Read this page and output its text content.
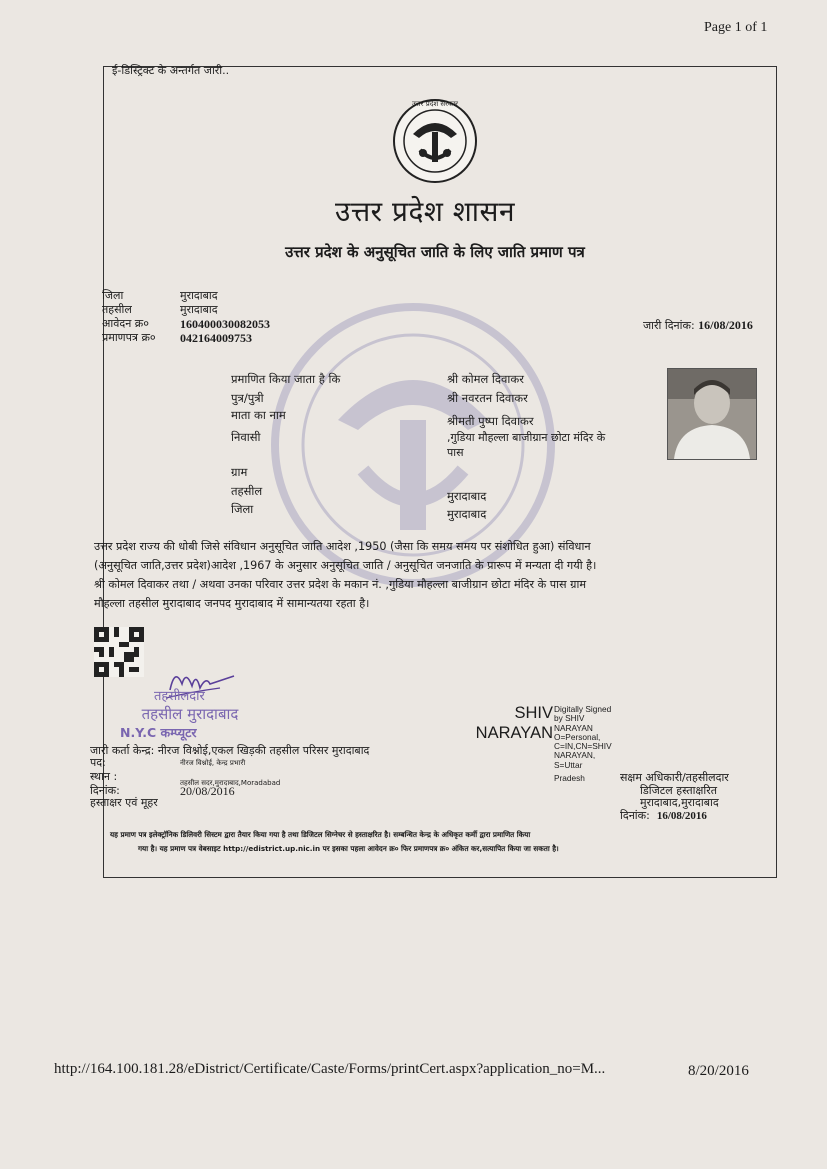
Page 1 of 1
ई-डिस्ट्रिक्ट के अन्तर्गत जारी..
उत्तर प्रदेश सरकार
उत्तर प्रदेश शासन
उत्तर प्रदेश के अनुसूचित जाति के लिए जाति प्रमाण पत्र
जिला	मुरादाबाद
तहसील	मुरादाबाद
आवेदन क्र०	160400030082053
प्रमाणपत्र क्र०	042164009753
जारी दिनांक: 16/08/2016
प्रमाणित किया जाता है कि	श्री कोमल दिवाकर
पुत्र/पुत्री	श्री नवरतन दिवाकर
माता का नाम	श्रीमती पुष्पा दिवाकर
निवासी	,गुडिया मौहल्ला बाजीग्रान छोटा मंदिर के
पास
ग्राम
तहसील	मुरादाबाद
जिला	मुरादाबाद
उत्तर प्रदेश राज्य की धोबी जिसे संविधान अनुसूचित जाति आदेश ,1950 (जैसा कि समय समय पर संशोधित हुआ) संविधान
(अनुसूचित जाति,उत्तर प्रदेश)आदेश ,1967 के अनुसार अनुसूचित जाति / अनुसूचित जनजाति के प्रारूप में मन्यता दी गयी है।
श्री कोमल दिवाकर तथा / अथवा उनका परिवार उत्तर प्रदेश के मकान नं. ,गुडिया मौहल्ला बाजीग्रान छोटा मंदिर के पास ग्राम
मौहल्ला तहसील मुरादाबाद जनपद मुरादाबाद में सामान्यतया रहता है।
तहसीलदार
तहसील मुरादाबाद
N.Y.C कम्प्यूटर
जारी कर्ता केन्द्र:
नीरज विश्नोई,एकल खिड़की तहसील परिसर मुरादाबाद
पद:	नीरज विश्नोई, केन्द्र प्रभारी
स्थान :	तहसील सदर,मुरादाबाद,Moradabad
दिनांक:	20/08/2016
हस्ताक्षर एवं मूहर
SHIV
NARAYAN
Digitally Signed
by SHIV
NARAYAN
O=Personal,
C=IN,CN=SHIV
NARAYAN,
S=Uttar
Pradesh	सक्षम अधिकारी/तहसीलदार
डिजिटल हस्ताक्षरित
मुरादाबाद,मुरादाबाद
दिनांक:
16/08/2016
यह प्रमाण पत्र इलेक्ट्रॉनिक डिलिवरी सिस्टम द्वारा तैयार किया गया है तथा डिजिटल सिग्नेचर से हस्ताक्षरित है। सम्बन्धित केन्द्र के अधिकृत कर्मी द्वारा प्रमाणित किया
गया है। यह प्रमाण पत्र वेबसाइट http://edistrict.up.nic.in पर इसका पहला आवेदन क्र० फिर प्रमाणपत्र क्र० अंकित कर,सत्यापित किया जा सकता है।
http://164.100.181.28/eDistrict/Certificate/Caste/Forms/printCert.aspx?application_no=M...	8/20/2016
